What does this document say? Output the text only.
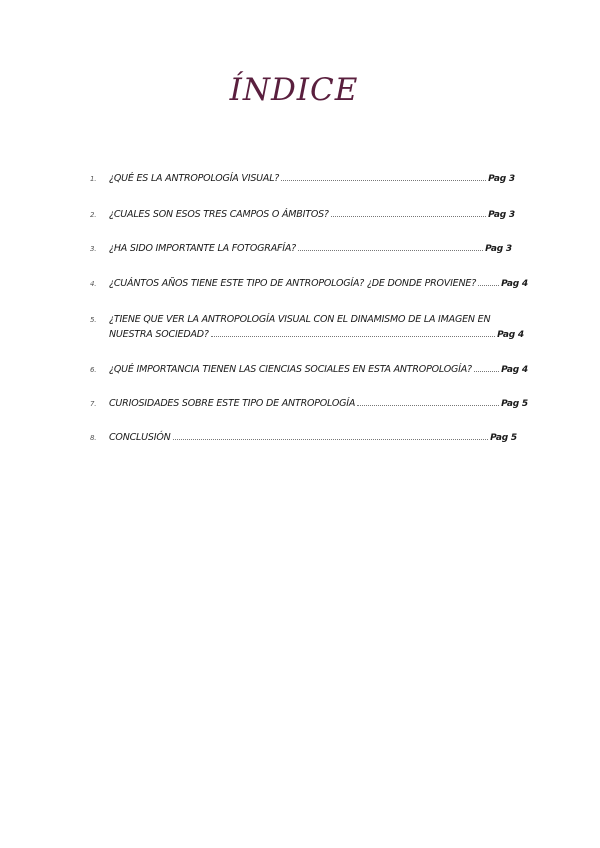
ÍNDICE
1.	¿QUÉ ES LA ANTROPOLOGÍA VISUAL?	Pag 3
2.	¿CUALES SON ESOS TRES CAMPOS O ÁMBITOS?	Pag 3
3.	¿HA SIDO IMPORTANTE LA FOTOGRAFÍA?	Pag 3
4.	¿CUÁNTOS AÑOS TIENE ESTE TIPO DE ANTROPOLOGÍA? ¿DE DONDE PROVIENE?	Pag 4
5.	¿TIENE QUE VER LA ANTROPOLOGÍA VISUAL CON EL DINAMISMO DE LA IMAGEN EN
NUESTRA SOCIEDAD?	Pag 4
6.	¿QUÉ IMPORTANCIA TIENEN LAS CIENCIAS SOCIALES EN ESTA ANTROPOLOGÍA?	Pag 4
7.	CURIOSIDADES SOBRE ESTE TIPO DE ANTROPOLOGÍA	Pag 5
8.	CONCLUSIÓN	Pag 5
